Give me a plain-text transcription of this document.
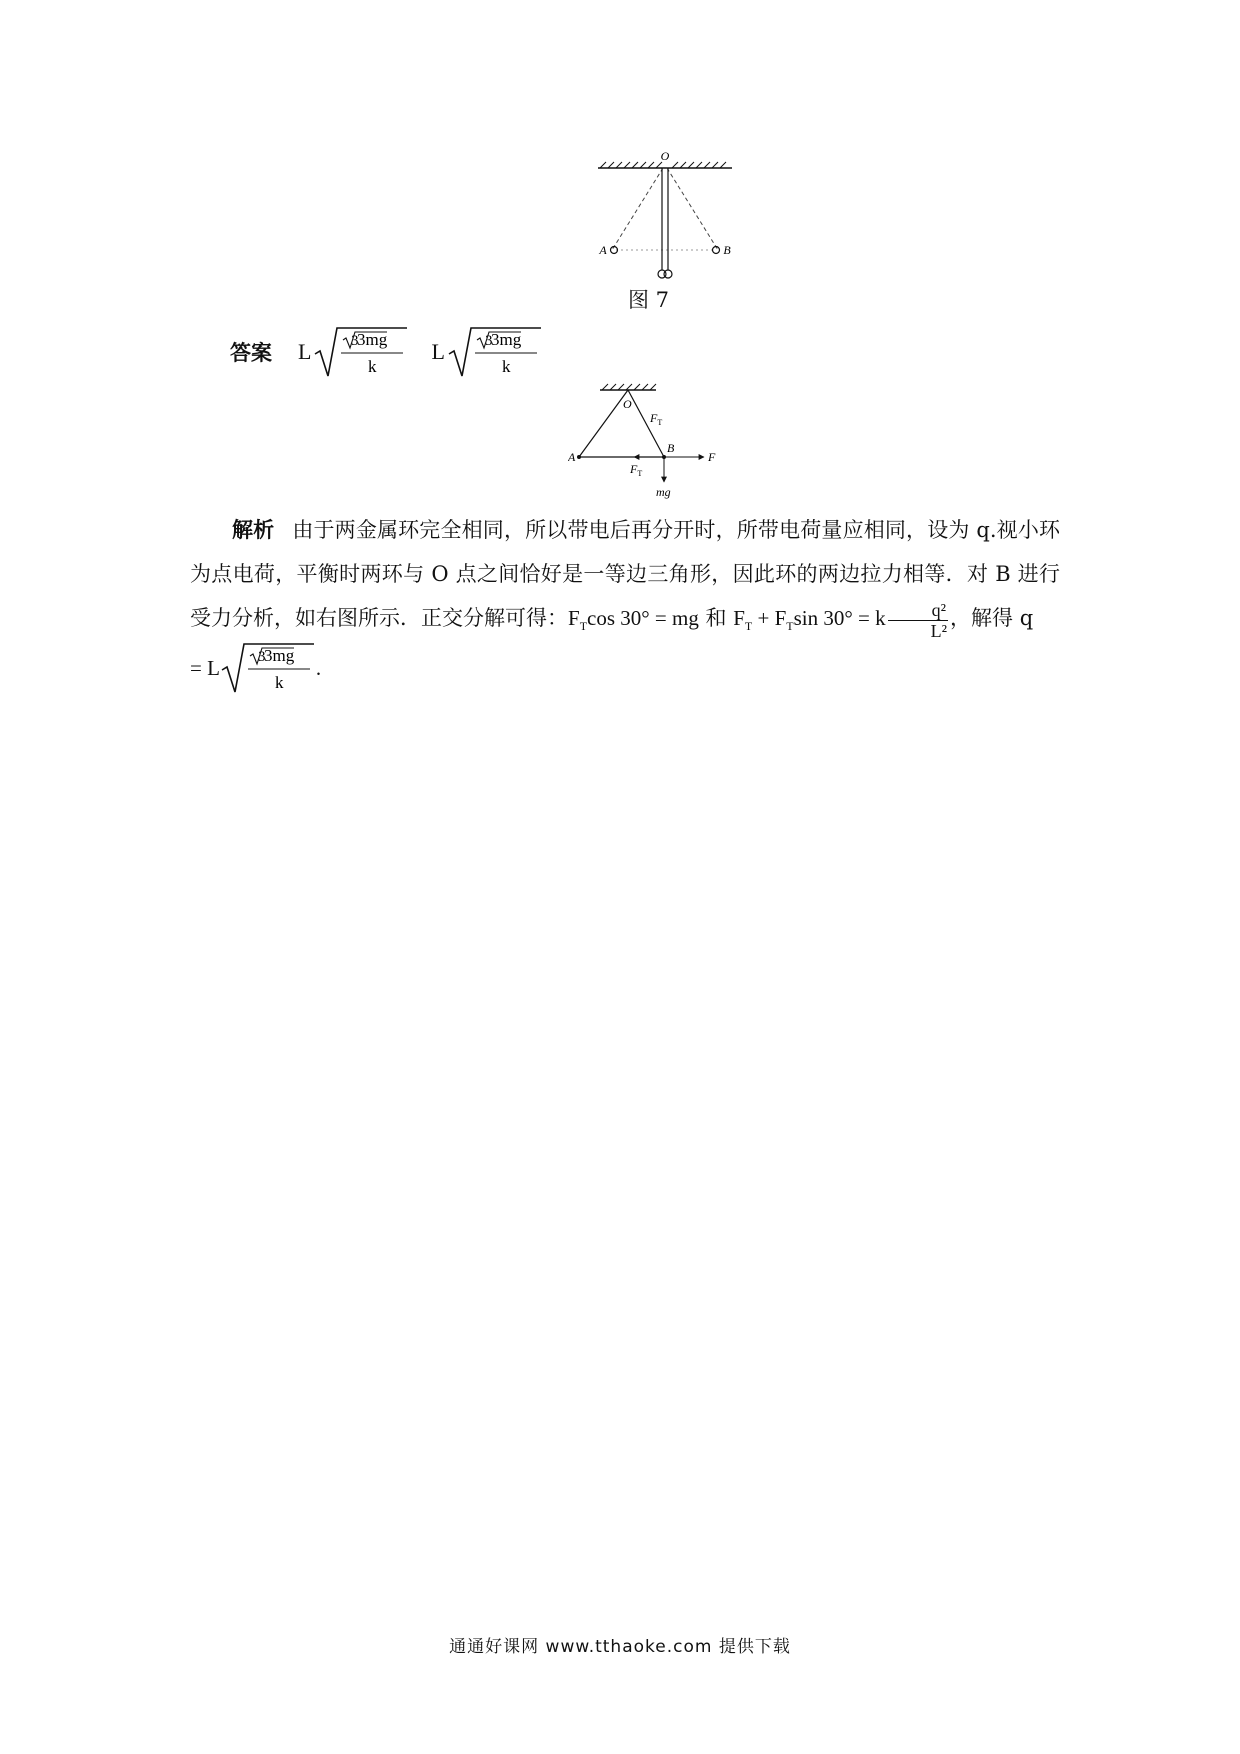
O
A	B
图 7
答案 L	3
3mg
k
L	3
3mg
k
O
A
B
F
$F_T$
$F_T$
mg

解析 由于两金属环完全相同，所以带电后再分开时，所带电荷量应相同，设为 q.视小环为点电荷，平衡时两环与 O 点之间恰好是一等边三角形，因此环的两边拉力相等．对 B 进行受力分析，如右图所示．正交分解可得：$F_T\cos$ 30° = mg 和 $F_T + F_T\sin$ 30° = k $\frac{\text{q²}}{\text{L²}}$ ，解得 q

= L	3
3mg
k
.
通通好课网 www.tthaoke.com 提供下载
